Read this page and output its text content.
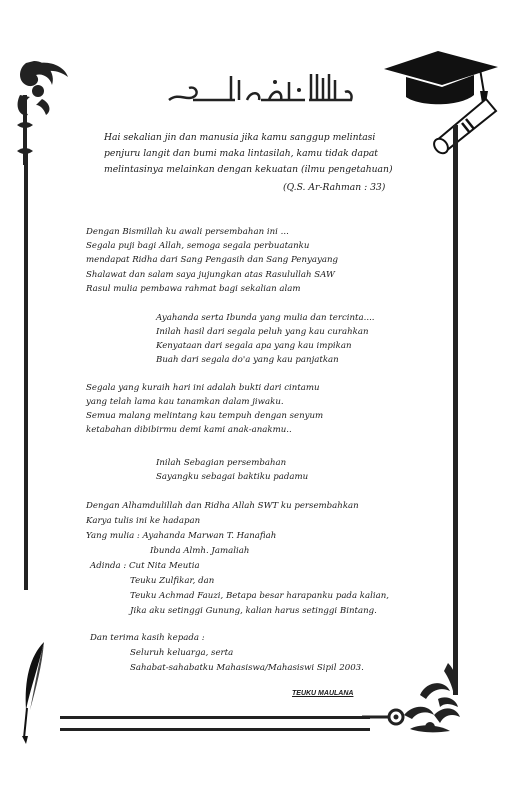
Hai sekalian jin dan manusia jika kamu sanggup melintasi
penjuru langit dan bumi maka lintasilah, kamu tidak dapat
melintasinya melainkan dengan kekuatan (ilmu pengetahuan)
(Q.S. Ar-Rahman : 33)
Dengan Bismillah ku awali persembahan ini ...
Segala puji bagi Allah, semoga segala perbuatanku
mendapat Ridha dari Sang Pengasih dan Sang Penyayang
Shalawat dan salam saya jujungkan atas Rasulullah SAW
Rasul mulia pembawa rahmat bagi sekalian alam
Ayahanda serta Ibunda yang mulia dan tercinta....
Inilah hasil dari segala peluh yang kau curahkan
Kenyataan dari segala apa yang kau impikan
Buah dari segala do'a yang kau panjatkan
Segala yang kuraih hari ini adalah bukti dari cintamu
yang telah lama kau tanamkan dalam jiwaku.
Semua malang melintang kau tempuh dengan senyum
ketabahan dibibirmu demi kami anak-anakmu..
Inilah Sebagian persembahan
Sayangku sebagai baktiku padamu
Dengan Alhamdulillah dan Ridha Allah SWT ku persembahkan
Karya tulis ini ke hadapan
Yang mulia : Ayahanda Marwan T. Hanafiah
Ibunda Almh. Jamaliah
Adinda : Cut Nita Meutia
Teuku Zulfikar, dan
Teuku Achmad Fauzi, Betapa besar harapanku pada kalian,
Jika aku setinggi Gunung, kalian harus setinggi Bintang.
Dan terima kasih kepada :
Seluruh keluarga, serta
Sahabat-sahabatku Mahasiswa/Mahasiswi Sipil 2003.
TEUKU MAULANA
